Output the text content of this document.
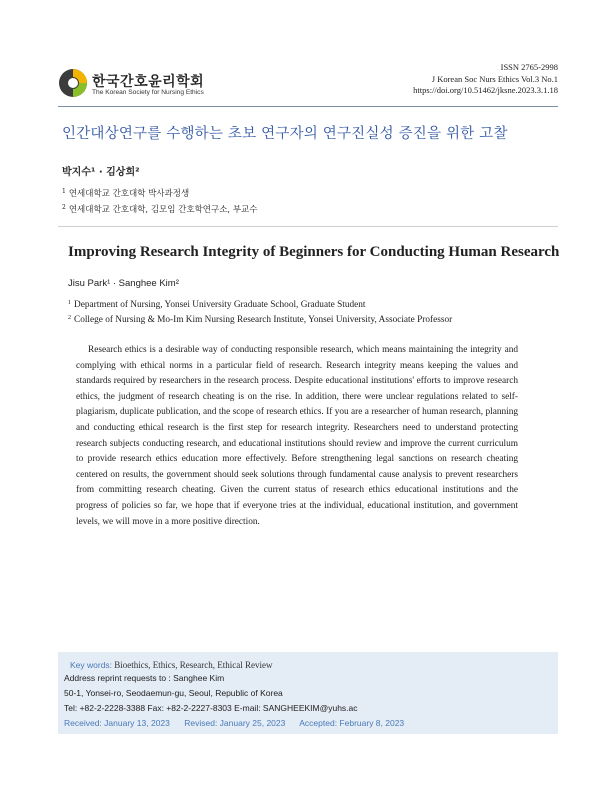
한국간호윤리학회
The Korean Society for Nursing Ethics
ISSN 2765-2998
J Korean Soc Nurs Ethics Vol.3 No.1
https://doi.org/10.51462/jksne.2023.3.1.18
인간대상연구를 수행하는 초보 연구자의 연구진실성 증진을 위한 고찰
박지수¹ · 김상희²
$^1$ 연세대학교 간호대학 박사과정생
$^2$ 연세대학교 간호대학, 김모임 간호학연구소, 부교수
Improving Research Integrity of Beginners for Conducting Human Research
Jisu Park¹ · Sanghee Kim²
$^1$ Department of Nursing, Yonsei University Graduate School, Graduate Student
$^2$ College of Nursing & Mo-Im Kim Nursing Research Institute, Yonsei University, Associate Professor

Research ethics is a desirable way of conducting responsible research, which means maintaining the integrity and complying with ethical norms in a particular field of research. Research integrity means keeping the values and standards required by researchers in the research process. Despite educational institutions' efforts to improve research ethics, the judgment of research cheating is on the rise. In addition, there were unclear regulations related to self-plagiarism, duplicate publication, and the scope of research ethics. If you are a researcher of human research, planning and conducting ethical research is the first step for research integrity. Researchers need to understand protecting research subjects conducting research, and educational institutions should review and improve the current curriculum to provide research ethics education more effectively. Before strengthening legal sanctions on research cheating centered on results, the government should seek solutions through fundamental cause analysis to prevent researchers from committing research cheating. Given the current status of research ethics educational institutions and the progress of policies so far, we hope that if everyone tries at the individual, educational institution, and government levels, we will move in a more positive direction.

Key words: Bioethics, Ethics, Research, Ethical Review
Address reprint requests to : Sanghee Kim
50-1, Yonsei-ro, Seodaemun-gu, Seoul, Republic of Korea
Tel: +82-2-2228-3388 Fax: +82-2-2227-8303 E-mail: SANGHEEKIM@yuhs.ac
Received: January 13, 2023 Revised: January 25, 2023 Accepted: February 8, 2023
